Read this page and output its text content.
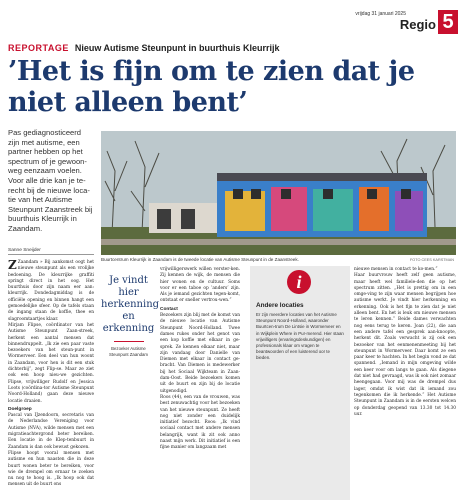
vrijdag 31 januari 2025
Regio 5
REPORTAGE Nieuw Autisme Steunpunt in buurthuis Kleurrijk
’Het is fijn om te zien dat je niet alleen bent’
Pas gediagnosticeerd zijn met autisme, een partner hebben op het spectrum of je gewoon-weg eenzaam voelen. Voor alle drie kan je te-recht bij de nieuwe loca-tie van het Autisme Steunpunt Zaanstreek bij buurthuis Kleurrijk in Zaandam.
Buurtcentrum Kleurrijk in Zaandam is de tweede locatie van Autisme Steunpunt in de Zaanstreek.	FOTO CEES KARSTMAN
Sanne Sneijder

Z Zaandam » Bij aankomst oogt het nieuwe steunpunt als een vrolijke bedoening. De kleurrijke graffiti springt direct in het oog. Het buurthuis door zijn naam eer aan: kleurrijk. Dondedagmiddag is de officiële opening en binnen hangt een gemoedelijke sfeer. Op de tafels staan de ingang staan de koffie, thee en slagroomtaartjes klaar.

Mirjam Flipse, coördinator van het Autisme Steunpunt Zaan-streek, herkent een aantal mensen dat binnendruppelt. „Ik zie een paar vaste bezoekers van het steun-punt in Wormerveer. Een deel van hun woont in Zaandam, voor hen is dit een stuk dichterbij”, zegt Flip-se. Maar ze ziet ook een hoop nieu-we gezichten. Flipse, vrijwilliger Rudolf en Jessica Loots (coördina-tor Autisme Steunpunt Noord-Holland) gaan deze nieuwe locatie draaien.

Doelgroep

Pascal van IJzendoorn, secretaris van de Nederlandse Vereniging voor Autisme (NVA), wilde mensen met een migratieachtergrond beter bereiken. Een locatie in de Klep-tenbuurt in Zaandam is dan ook bewust gekozen.

Flipse hoopt vooral mensen met autisme en hun naasten die in deze buurt wonen beter te bereiken, voor wie de drempel om ernaar te zoeken nu nog te hoog is. „Ik hoop ook dat mensen uit de buurt ons

Je vindt hier herkenning en erkenning
Bezoeker Autisme Steunpunt Zaandam

vrijwilligerswerk willen verster-ken. Zij kennen de wijk, de mensen die hier wonen en de cultuur. Soms voor er een taboe op ’anders’ zijn. Als je iemand gezichten tegen-komt, ontstaat er sneller vertrou-wen.”

Contact

Bezoekers zijn blij met de komst van de nieuwe locatie van Autisme Steunpunt Noord-Holland. Twee dames rukes onder het genot van een kop koffie met elkaar in ge-sprek. Ze kennen elkaar niet, maar zijn vandaag door Danielle van Diemen met elkaar in contact ge-bracht. Van Diemen is medewerker bij het Sociaal Wijkteam in Zaan-dam-Oost. Beide bezoekers komen uit de buurt en zijn bij de locatie uitgenodigd.

Roos (44), een van de vrouwen, was best zenuwachtig voor het bezoeken van het nieuwe steunpunt. Ze heeft nog niet zonder een duidelijk initiatief bezocht. Roos: „Ik vind sociaal contact met andere mensen belangrijk, want ik zit ook anno naast mijn werk. Dit initiatief is een fijne manier om langzaam met

i
Andere locaties
Er zijn meerdere locaties van het Autisme Steunpunt Noord-Holland, waaronder Buurtcen-trum De Lintsie in Wormerveer en in Wijkplein Where in Pur-merend. Hier staan vrijwilligers (ervaringsdeskundigen) en professionals klaar om vragen te beantwoorden of een luisterend oor te bieden.

nieuwe mensen in contact te ko-men.”

Haar buurvrouw heeft zelf geen autisme, maar heeft wel familiele-den die op het spectrum zitten. „Het is prettig om in een omge-ving te zijn waar mensen begrijpen hoe autisme werkt. Je vindt hier herkenning en erkenning. Ook is het fijn te zien dat je niet alleen bent. En het is leuk om nieuwe mensen te leren kennen.” Beide dames verwachten nog eens terug te keren. Joan (22), die aan een andere tafel een gesprek aan-knoopte, herkent dit. Zoals verwacht is zij ook een bezoeker van het eenmenenmeeting bij het steunpunt in Wormerveer. Daar komt ze een paar keer te hachten. In het begin vond ze dat spannend. „Iemand in mijn omgeving wilde een keer voor om langs te gaan. Als diegene dat niet had gevraagd, was ik ook niet zomaar heengegaan. Voor mij was de drempel dus lager, omdat ik wist dat ik iemand zou tegenkomen die ik herkende.” Het Autisme Steunpunt in Zaandam is in de eersten welcen op donderdag geopend van 13.30 tot 14.30 uur.
